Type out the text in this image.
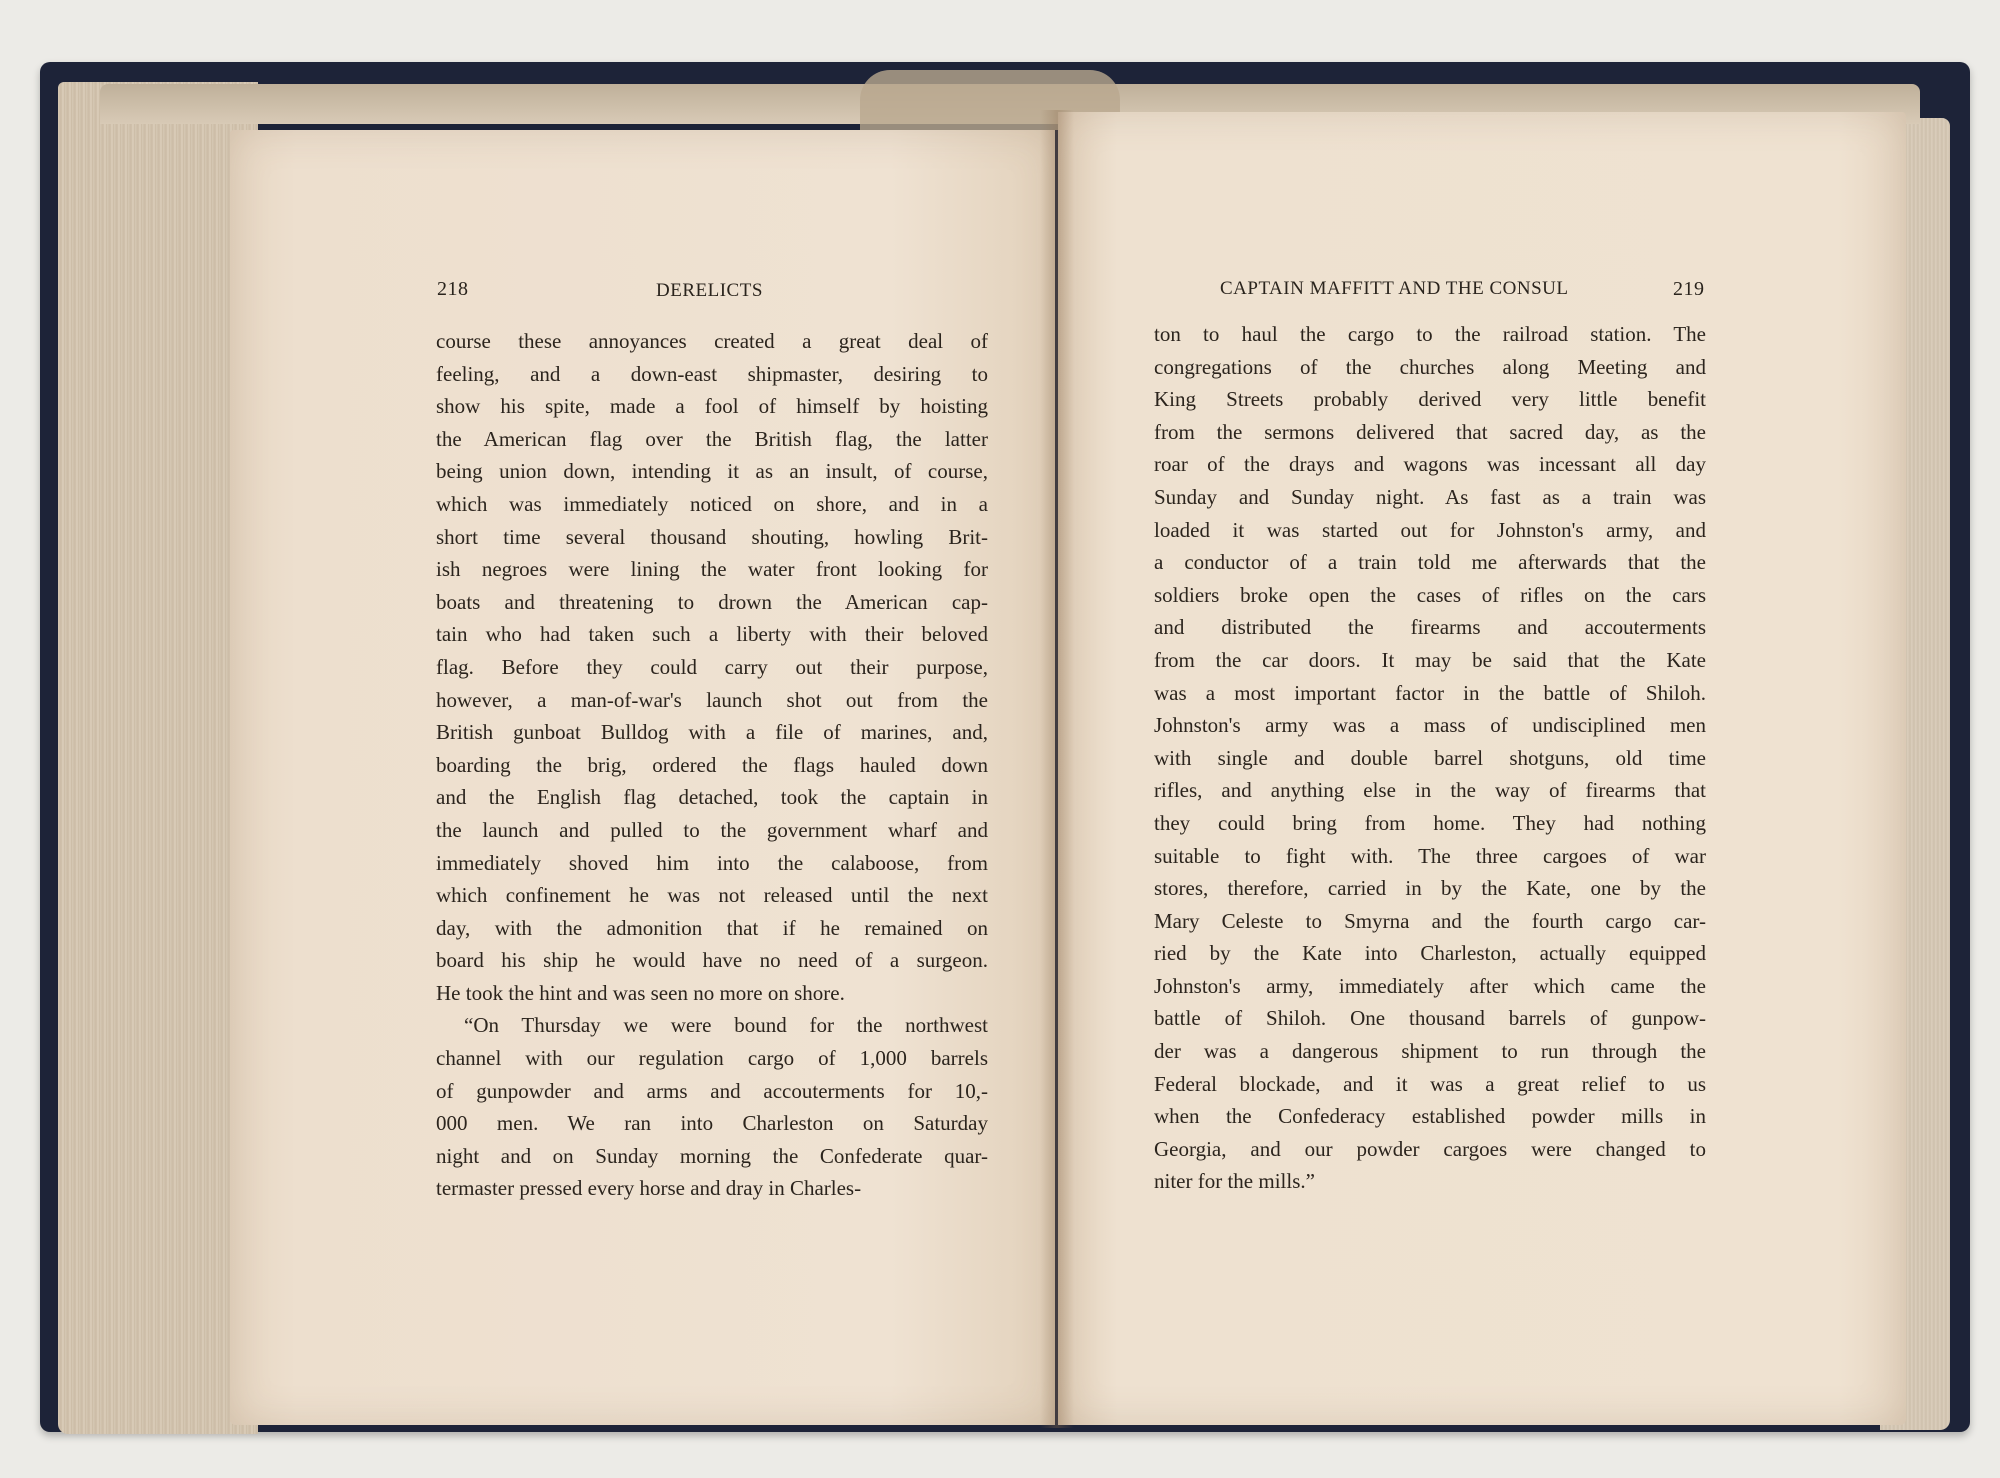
218	DERELICTS	CAPTAIN MAFFITT AND THE CONSUL	219
course these annoyances created a great deal of
feeling, and a down-east shipmaster, desiring to
show his spite, made a fool of himself by hoisting
the American flag over the British flag, the latter
being union down, intending it as an insult, of course,
which was immediately noticed on shore, and in a
short time several thousand shouting, howling Brit-
ish negroes were lining the water front looking for
boats and threatening to drown the American cap-
tain who had taken such a liberty with their beloved
flag. Before they could carry out their purpose,
however, a man-of-war's launch shot out from the
British gunboat Bulldog with a file of marines, and,
boarding the brig, ordered the flags hauled down
and the English flag detached, took the captain in
the launch and pulled to the government wharf and
immediately shoved him into the calaboose, from
which confinement he was not released until the next
day, with the admonition that if he remained on
board his ship he would have no need of a surgeon.
He took the hint and was seen no more on shore.
“On Thursday we were bound for the northwest
channel with our regulation cargo of 1,000 barrels
of gunpowder and arms and accouterments for 10,-
000 men. We ran into Charleston on Saturday
night and on Sunday morning the Confederate quar-
termaster pressed every horse and dray in Charles-
ton to haul the cargo to the railroad station. The
congregations of the churches along Meeting and
King Streets probably derived very little benefit
from the sermons delivered that sacred day, as the
roar of the drays and wagons was incessant all day
Sunday and Sunday night. As fast as a train was
loaded it was started out for Johnston's army, and
a conductor of a train told me afterwards that the
soldiers broke open the cases of rifles on the cars
and distributed the firearms and accouterments
from the car doors. It may be said that the Kate
was a most important factor in the battle of Shiloh.
Johnston's army was a mass of undisciplined men
with single and double barrel shotguns, old time
rifles, and anything else in the way of firearms that
they could bring from home. They had nothing
suitable to fight with. The three cargoes of war
stores, therefore, carried in by the Kate, one by the
Mary Celeste to Smyrna and the fourth cargo car-
ried by the Kate into Charleston, actually equipped
Johnston's army, immediately after which came the
battle of Shiloh. One thousand barrels of gunpow-
der was a dangerous shipment to run through the
Federal blockade, and it was a great relief to us
when the Confederacy established powder mills in
Georgia, and our powder cargoes were changed to
niter for the mills.”
